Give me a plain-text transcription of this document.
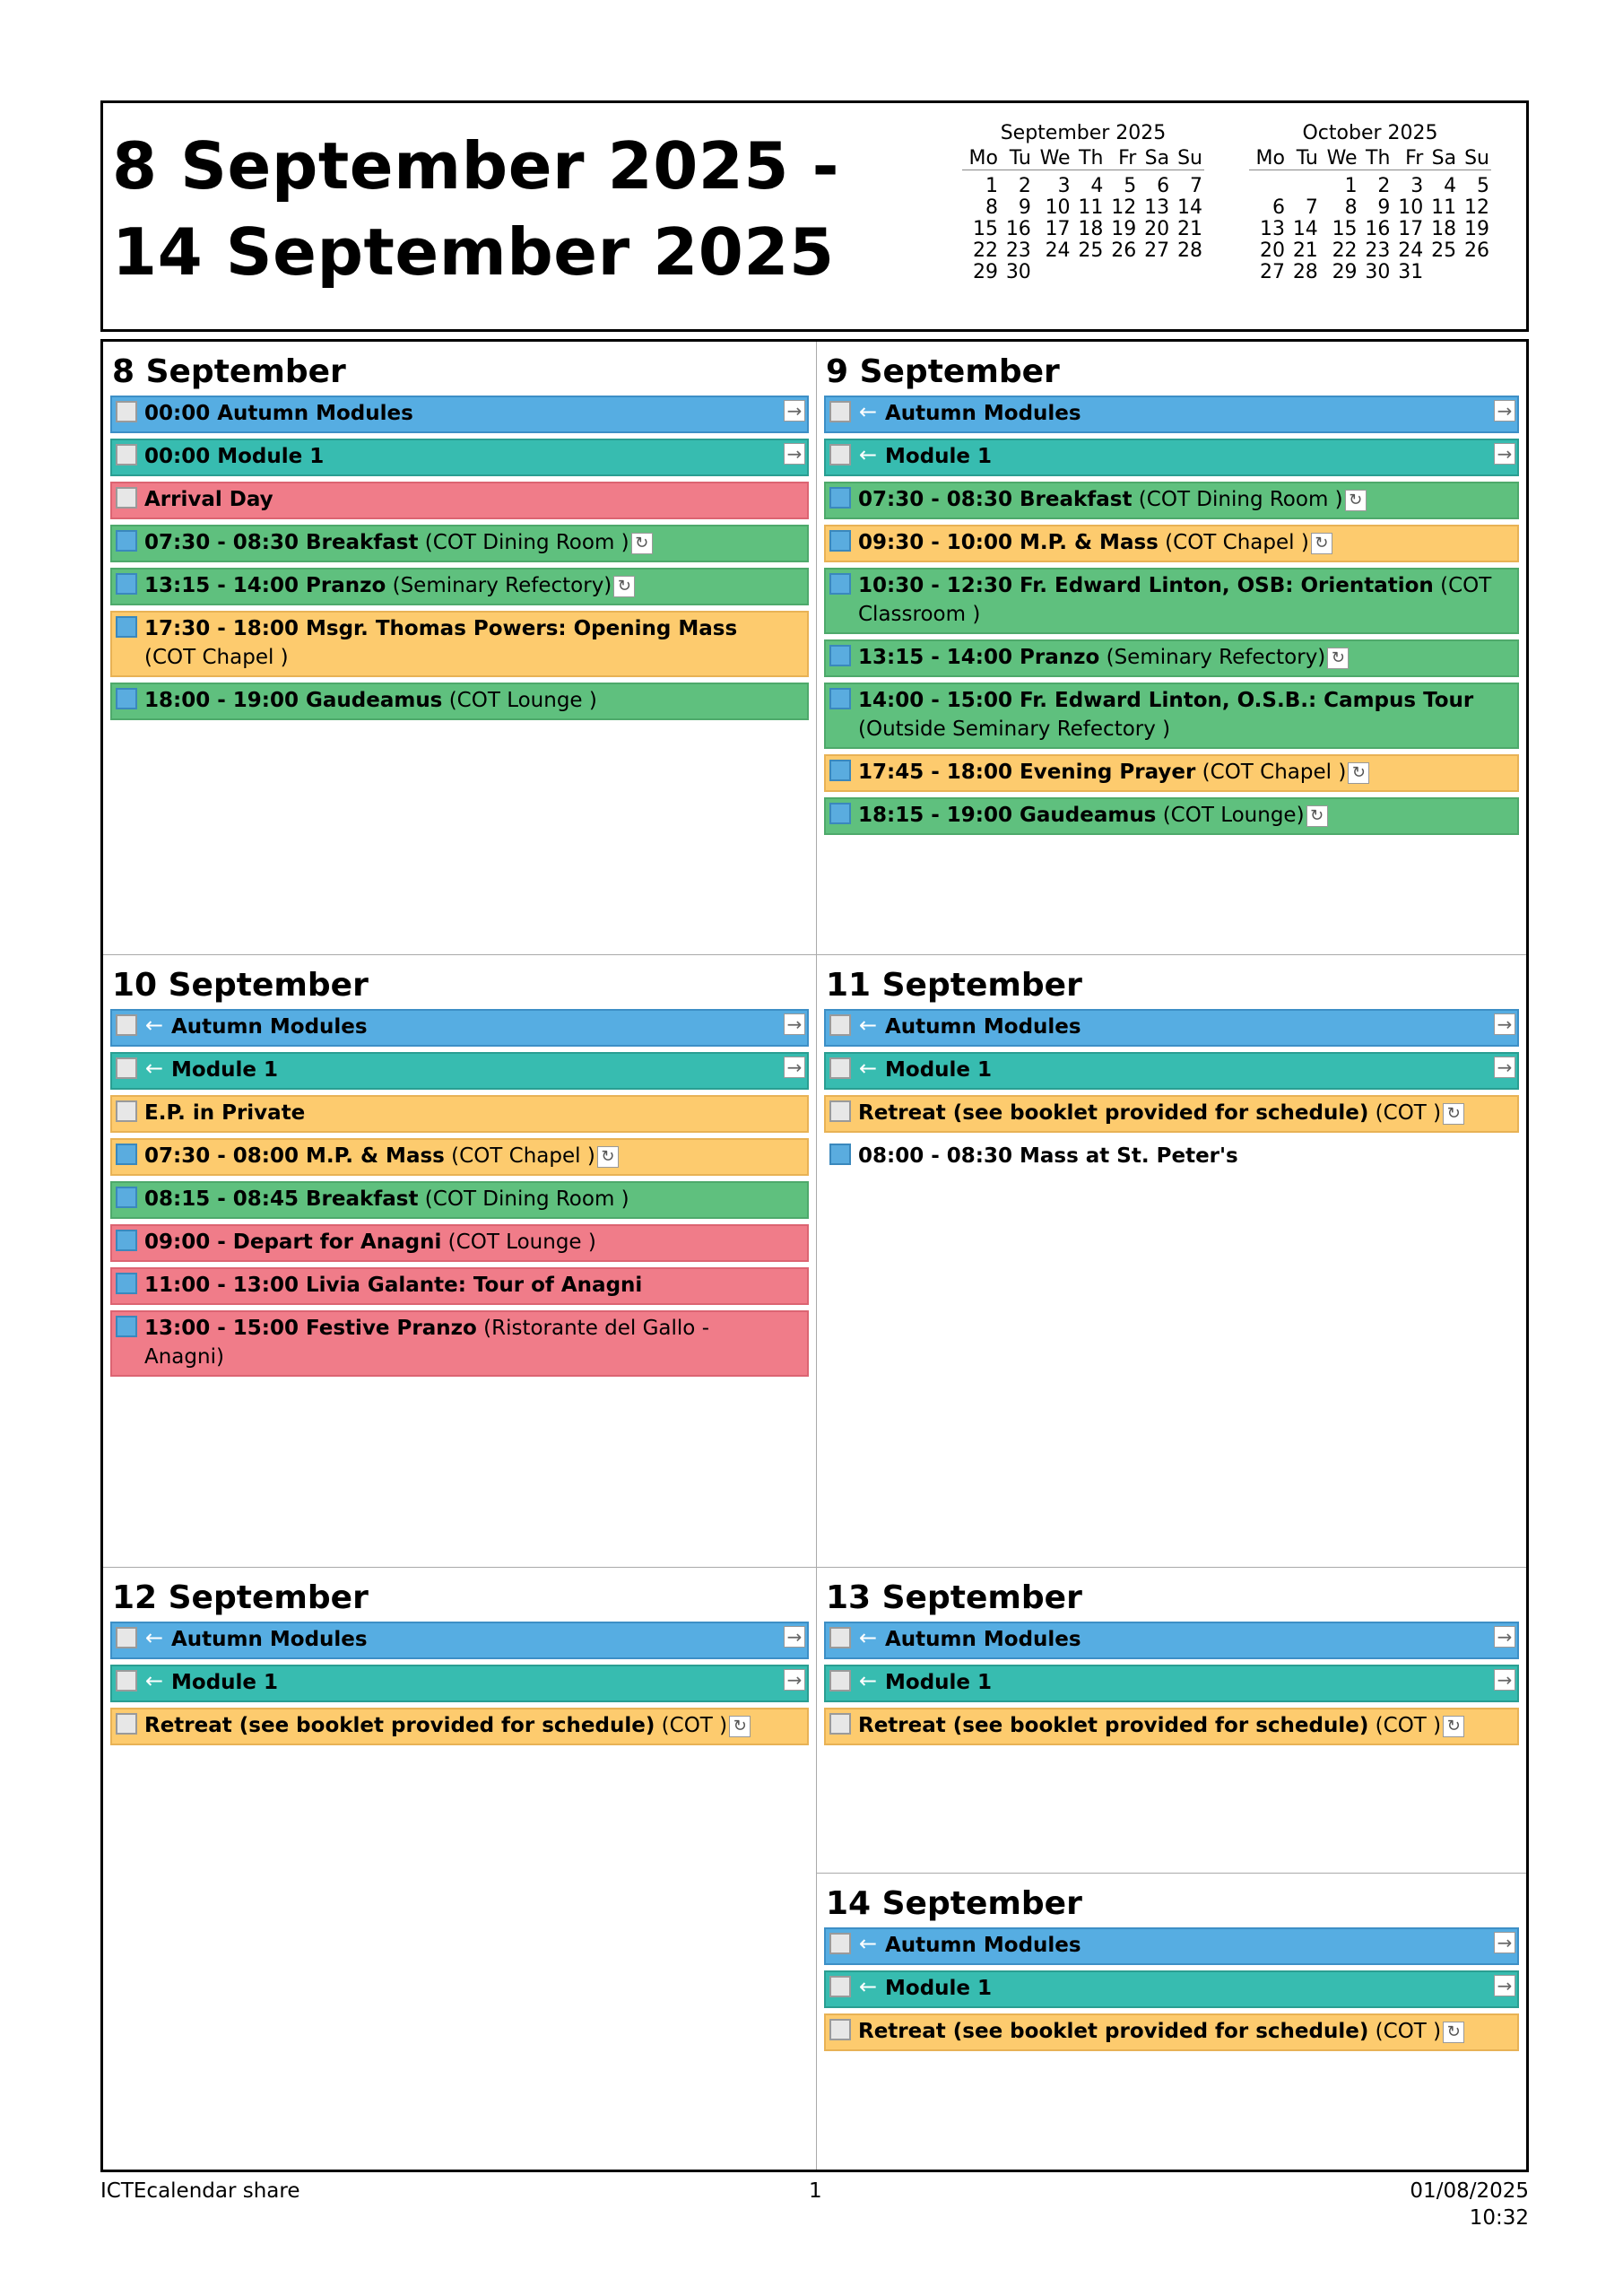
8 September 2025 -
14 September 2025
September 2025
Mo	Tu	We	Th	Fr	Sa	Su

1	2	3	4	5	6	7
8	9	10	11	12	13	14
15	16	17	18	19	20	21
22	23	24	25	26	27	28
29	30					
October 2025
Mo	Tu	We	Th	Fr	Sa	Su

		1	2	3	4	5
6	7	8	9	10	11	12
13	14	15	16	17	18	19
20	21	22	23	24	25	26
27	28	29	30	31		
8 September
00:00 Autumn Modules	→
00:00 Module 1	→
Arrival Day
07:30 - 08:30 Breakfast (COT Dining Room ) ↻
13:15 - 14:00 Pranzo (Seminary Refectory) ↻
17:30 - 18:00 Msgr. Thomas Powers: Opening Mass (COT Chapel )
18:00 - 19:00 Gaudeamus (COT Lounge )
9 September
← Autumn Modules	→
← Module 1	→
07:30 - 08:30 Breakfast (COT Dining Room ) ↻
09:30 - 10:00 M.P. & Mass (COT Chapel ) ↻
10:30 - 12:30 Fr. Edward Linton, OSB: Orientation (COT Classroom )
13:15 - 14:00 Pranzo (Seminary Refectory) ↻
14:00 - 15:00 Fr. Edward Linton, O.S.B.: Campus Tour (Outside Seminary Refectory )
17:45 - 18:00 Evening Prayer (COT Chapel ) ↻
18:15 - 19:00 Gaudeamus (COT Lounge) ↻
10 September
← Autumn Modules	→
← Module 1	→
E.P. in Private
07:30 - 08:00 M.P. & Mass (COT Chapel ) ↻
08:15 - 08:45 Breakfast (COT Dining Room )
09:00 - Depart for Anagni (COT Lounge )
11:00 - 13:00 Livia Galante: Tour of Anagni
13:00 - 15:00 Festive Pranzo (Ristorante del Gallo - Anagni)
11 September
← Autumn Modules	→
← Module 1	→
Retreat (see booklet provided for schedule) (COT ) ↻
08:00 - 08:30 Mass at St. Peter's
12 September
← Autumn Modules	→
← Module 1	→
Retreat (see booklet provided for schedule) (COT ) ↻
13 September
← Autumn Modules	→
← Module 1	→
Retreat (see booklet provided for schedule) (COT ) ↻
14 September
← Autumn Modules	→
← Module 1	→
Retreat (see booklet provided for schedule) (COT ) ↻
ICTEcalendar share	1	01/08/2025 10:32
